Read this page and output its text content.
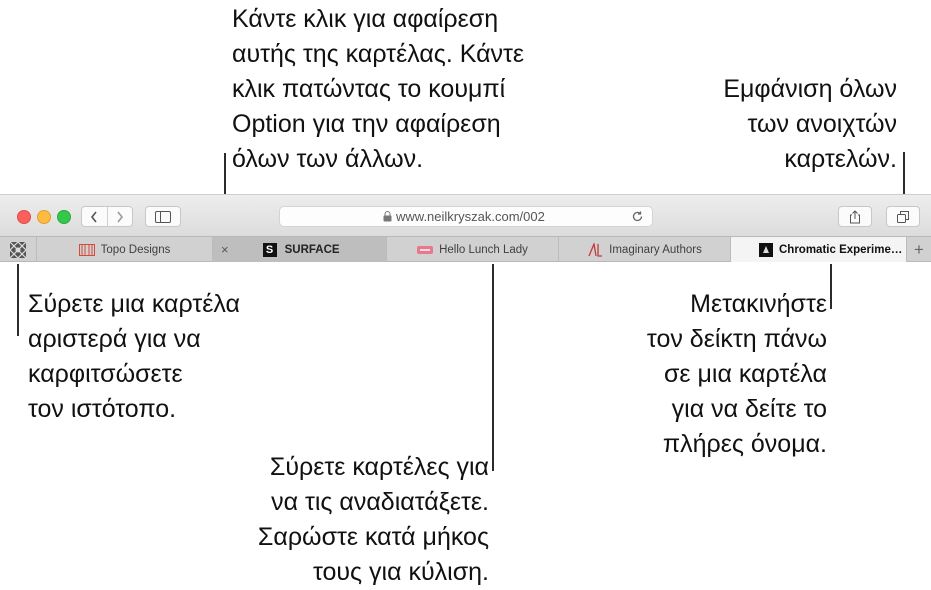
Κάντε κλικ για αφαίρεση
αυτής της καρτέλας. Κάντε
κλικ πατώντας το κουμπί
Option για την αφαίρεση
όλων των άλλων.
Εμφάνιση όλων
των ανοιχτών
καρτελών.
Σύρετε μια καρτέλα
αριστερά για να
καρφιτσώσετε
τον ιστότοπο.
Μετακινήστε
τον δείκτη πάνω
σε μια καρτέλα
για να δείτε το
πλήρες όνομα.
Σύρετε καρτέλες για
να τις αναδιατάξετε.
Σαρώστε κατά μήκος
τους για κύλιση.
www.neilkryszak.com/002
Topo Designs	×	S SURFACE	Hello Lunch Lady	Imaginary Authors	Chromatic Experime… +
